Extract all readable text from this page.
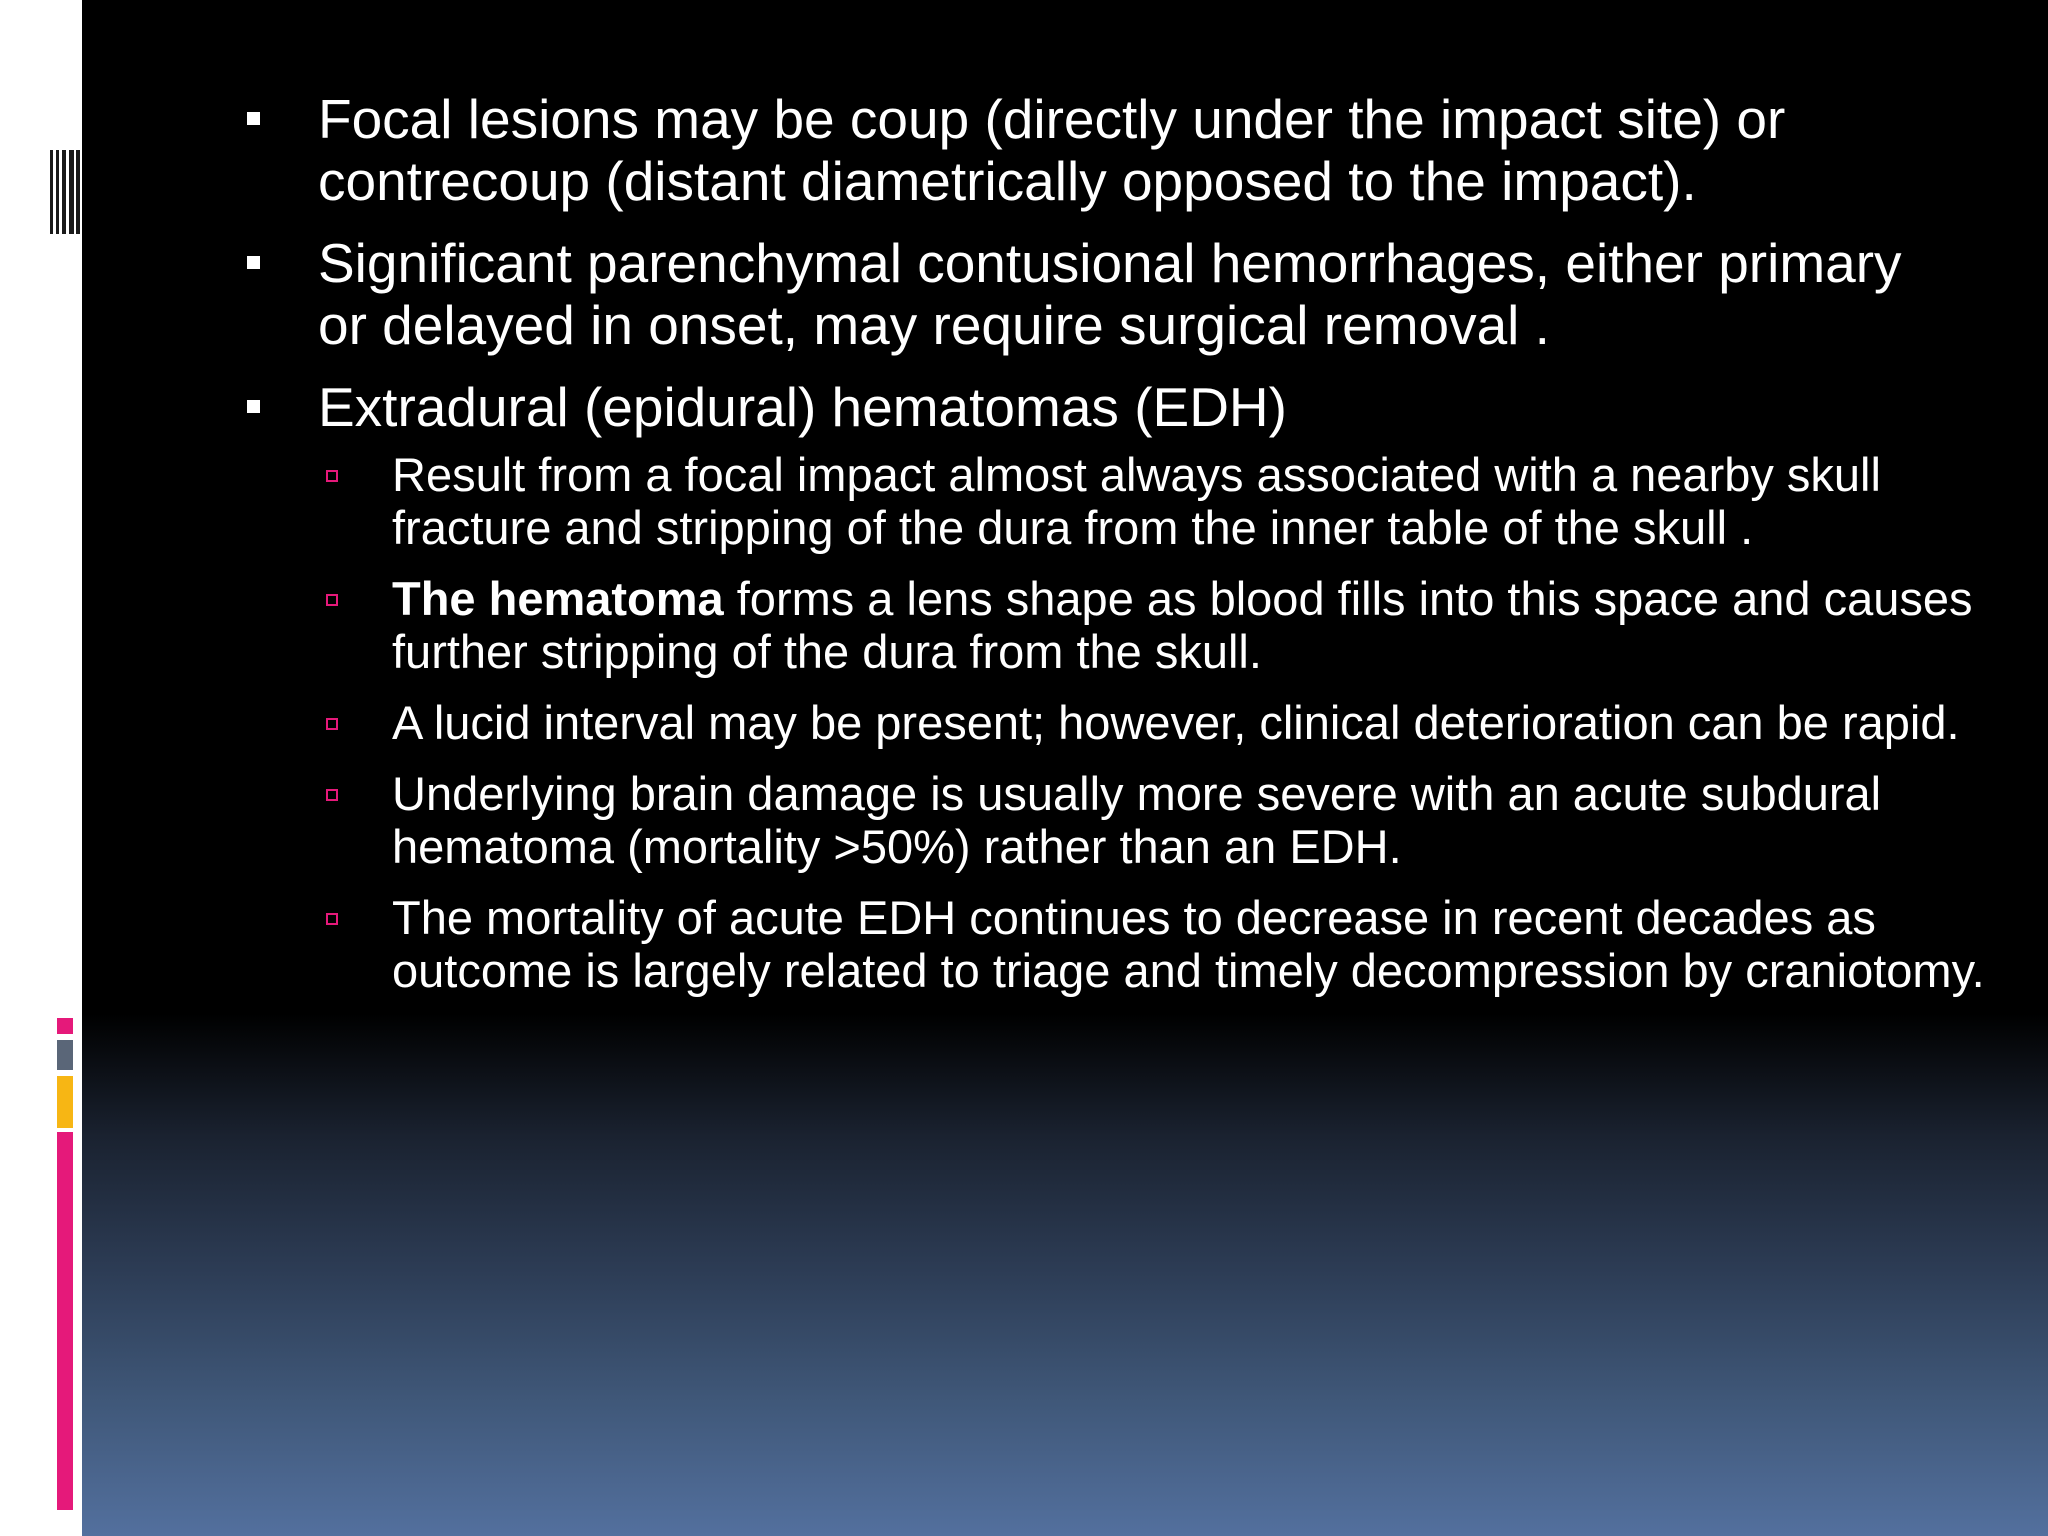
Focal lesions may be coup (directly under the impact site) or contrecoup (distant diametrically opposed to the impact).
Significant parenchymal contusional hemorrhages, either primary or delayed in onset, may require surgical removal .
Extradural (epidural) hematomas (EDH)
Result from a focal impact almost always associated with a nearby skull fracture and stripping of the dura from the inner table of the skull .
The hematoma forms a lens shape as blood fills into this space and causes further stripping of the dura from the skull.
A lucid interval may be present; however, clinical deterioration can be rapid.
Underlying brain damage is usually more severe with an acute subdural hematoma (mortality >50%) rather than an EDH.
The mortality of acute EDH continues to decrease in recent decades as outcome is largely related to triage and timely decompression by craniotomy.
